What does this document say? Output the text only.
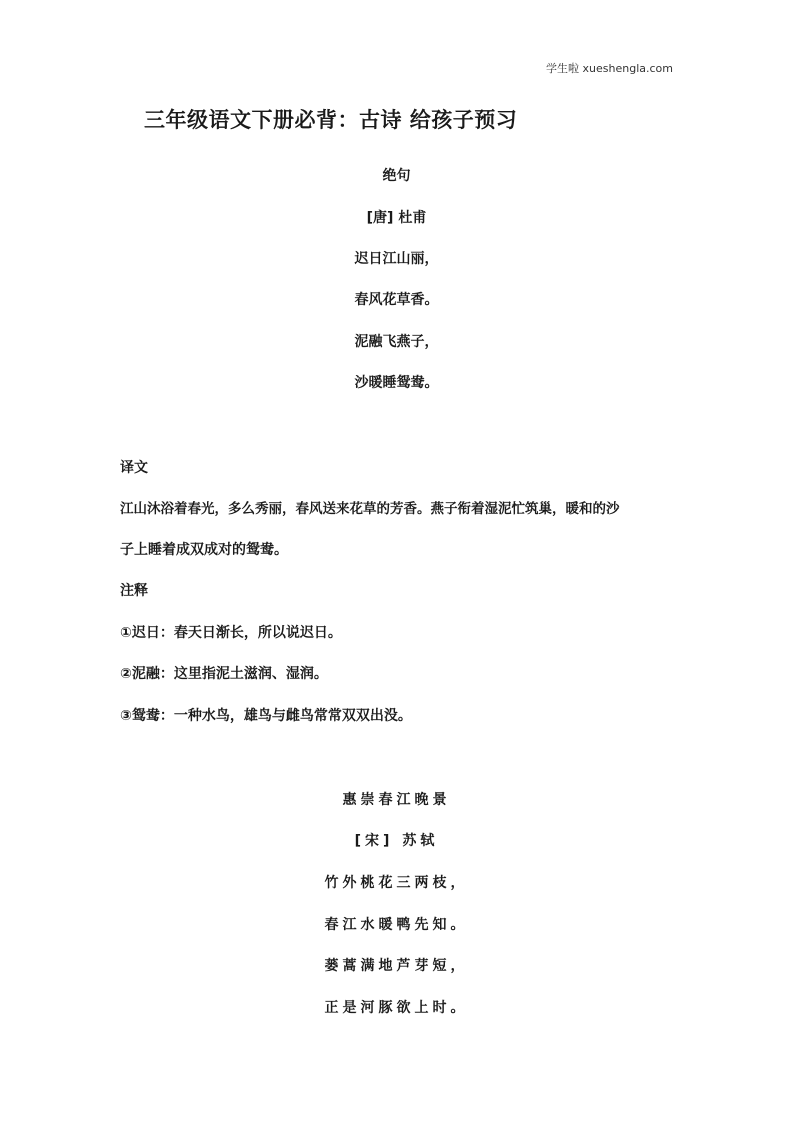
学生啦 xueshengla.com
三年级语文下册必背：古诗 给孩子预习
绝句
[唐] 杜甫
迟日江山丽，
春风花草香。
泥融飞燕子，
沙暖睡鸳鸯。
译文
江山沐浴着春光，多么秀丽，春风送来花草的芳香。燕子衔着湿泥忙筑巢，暖和的沙
子上睡着成双成对的鸳鸯。
注释
①迟日：春天日渐长，所以说迟日。
②泥融：这里指泥土滋润、湿润。
③鸳鸯：一种水鸟，雄鸟与雌鸟常常双双出没。
惠崇春江晚景
[宋] 苏轼
竹外桃花三两枝，
春江水暖鸭先知。
蒌蒿满地芦芽短，
正是河豚欲上时。
